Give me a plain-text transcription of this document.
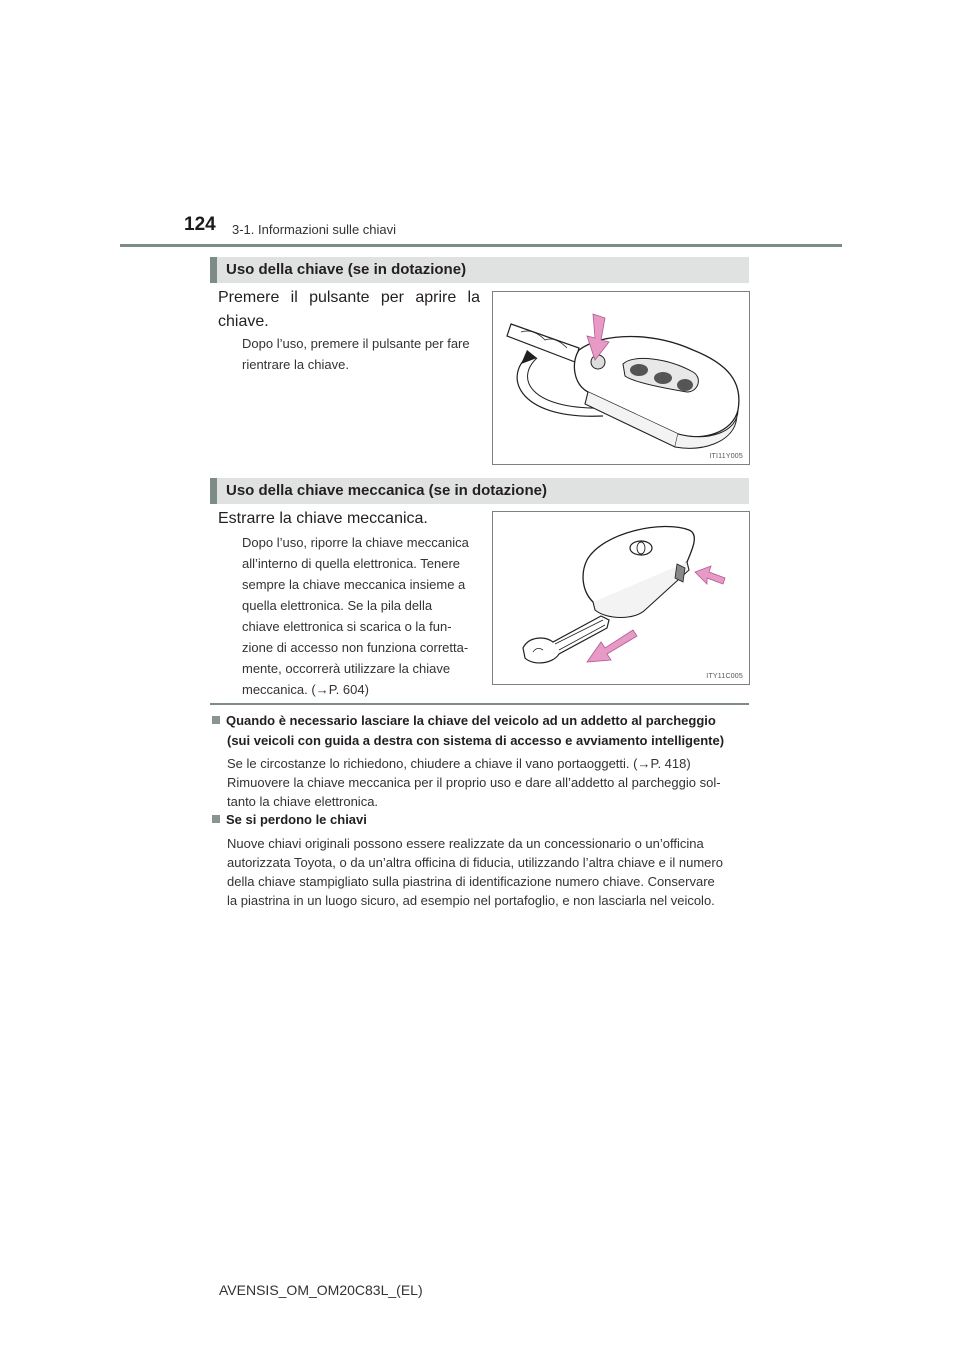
124 3-1. Informazioni sulle chiavi
Uso della chiave (se in dotazione)
Premere il pulsante per aprire la
chiave.
Dopo l’uso, premere il pulsante per fare
rientrare la chiave.
ITI11Y005
Uso della chiave meccanica (se in dotazione)
Estrarre la chiave meccanica.
Dopo l’uso, riporre la chiave meccanica
all’interno di quella elettronica. Tenere
sempre la chiave meccanica insieme a
quella elettronica. Se la pila della
chiave elettronica si scarica o la fun-
zione di accesso non funziona corretta-
mente, occorrerà utilizzare la chiave
meccanica. (→P. 604)
ITY11C005
Quando è necessario lasciare la chiave del veicolo ad un addetto al parcheggio
(sui veicoli con guida a destra con sistema di accesso e avviamento intelligente)
Se le circostanze lo richiedono, chiudere a chiave il vano portaoggetti. (→P. 418)
Rimuovere la chiave meccanica per il proprio uso e dare all’addetto al parcheggio sol-
tanto la chiave elettronica.
Se si perdono le chiavi
Nuove chiavi originali possono essere realizzate da un concessionario o un’officina
autorizzata Toyota, o da un’altra officina di fiducia, utilizzando l’altra chiave e il numero
della chiave stampigliato sulla piastrina di identificazione numero chiave. Conservare
la piastrina in un luogo sicuro, ad esempio nel portafoglio, e non lasciarla nel veicolo.
AVENSIS_OM_OM20C83L_(EL)
